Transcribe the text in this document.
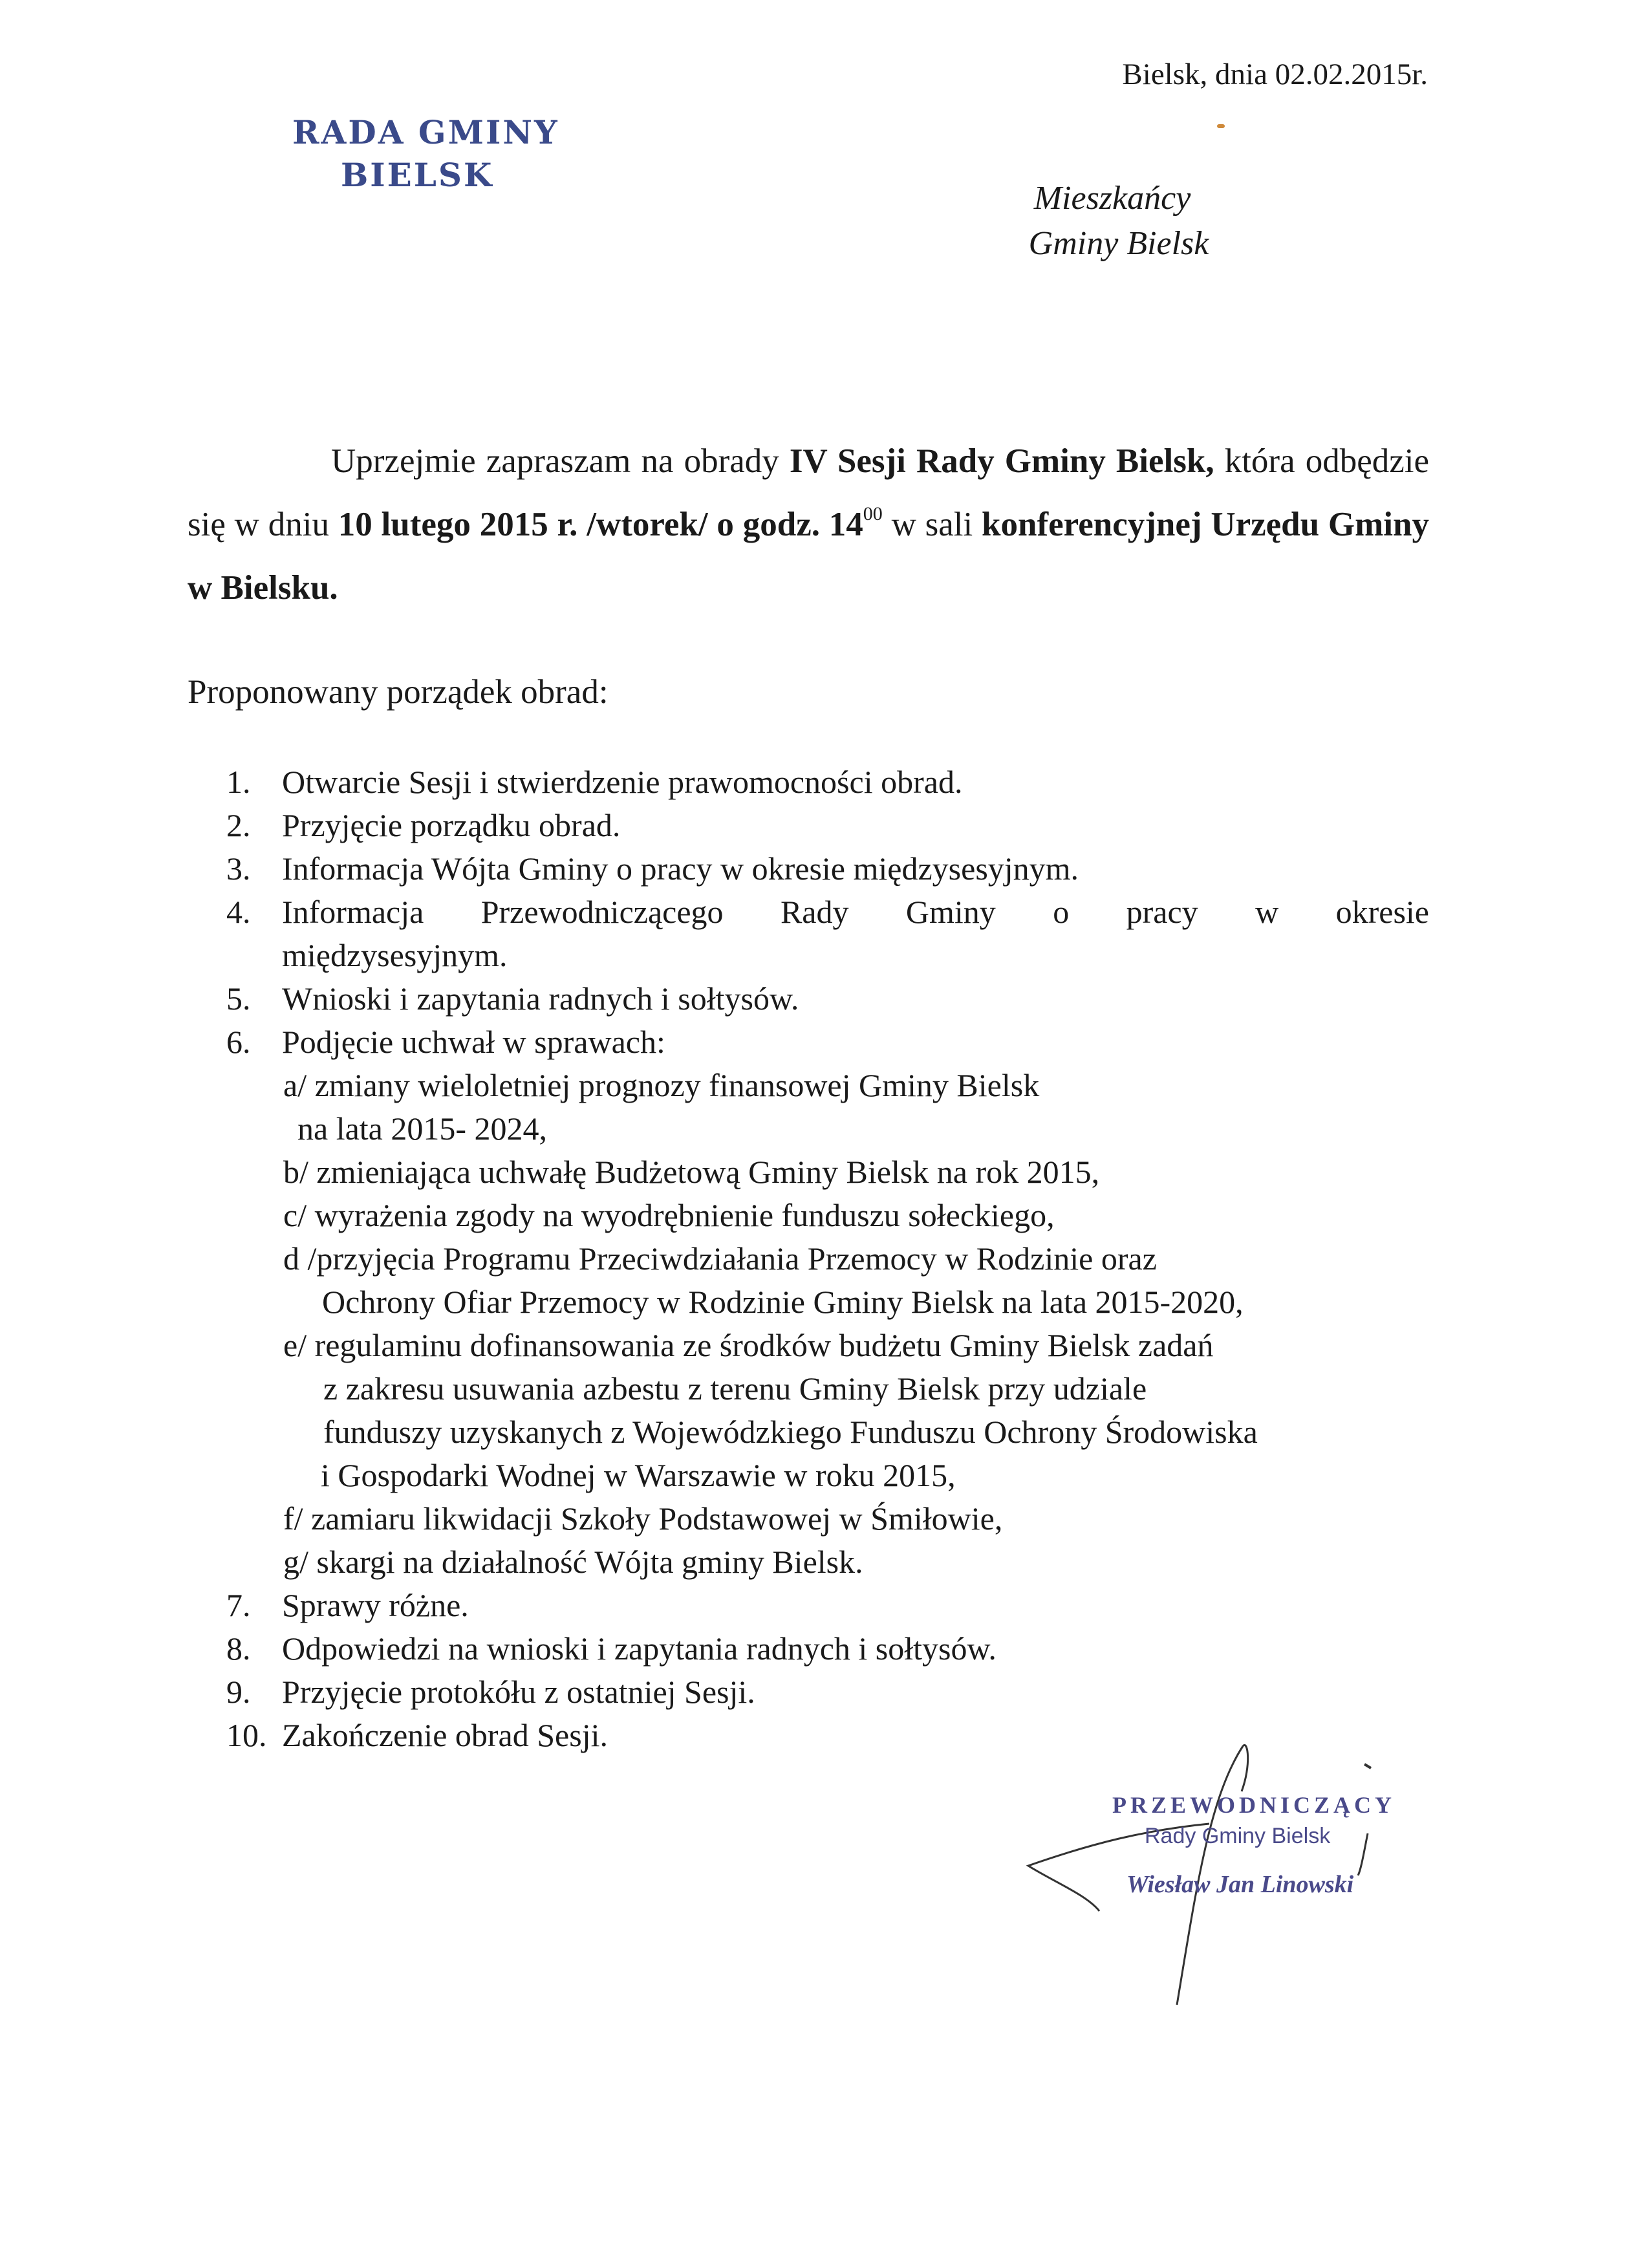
RADA GMINY
BIELSK
Bielsk, dnia 02.02.2015r.
Mieszkańcy
Gminy Bielsk
Uprzejmie zapraszam na obrady IV Sesji Rady Gminy Bielsk, która odbędzie się w dniu 10 lutego 2015 r. /wtorek/ o godz. $14^{00}$ w sali konferencyjnej Urzędu Gminy w Bielsku.
Proponowany porządek obrad:
1. Otwarcie Sesji i stwierdzenie prawomocności obrad.
2. Przyjęcie porządku obrad.
3. Informacja Wójta Gminy o pracy w okresie międzysesyjnym.
4. Informacja Przewodniczącego Rady Gminy o pracy w okresie
międzysesyjnym.
5. Wnioski i zapytania radnych i sołtysów.
6. Podjęcie uchwał w sprawach:
a/ zmiany wieloletniej prognozy finansowej Gminy Bielsk
na lata 2015- 2024,
b/ zmieniająca uchwałę Budżetową Gminy Bielsk na rok 2015,
c/ wyrażenia zgody na wyodrębnienie funduszu sołeckiego,
d /przyjęcia Programu Przeciwdziałania Przemocy w Rodzinie oraz
Ochrony Ofiar Przemocy w Rodzinie Gminy Bielsk na lata 2015-2020,
e/ regulaminu dofinansowania ze środków budżetu Gminy Bielsk zadań
z zakresu usuwania azbestu z terenu Gminy Bielsk przy udziale
funduszy uzyskanych z Wojewódzkiego Funduszu Ochrony Środowiska
i Gospodarki Wodnej w Warszawie w roku 2015,
f/ zamiaru likwidacji Szkoły Podstawowej w Śmiłowie,
g/ skargi na działalność Wójta gminy Bielsk.
7. Sprawy różne.
8. Odpowiedzi na wnioski i zapytania radnych i sołtysów.
9. Przyjęcie protokółu z ostatniej Sesji.
10. Zakończenie obrad Sesji.
PRZEWODNICZĄCY
Rady Gminy Bielsk
Wiesław Jan Linowski
